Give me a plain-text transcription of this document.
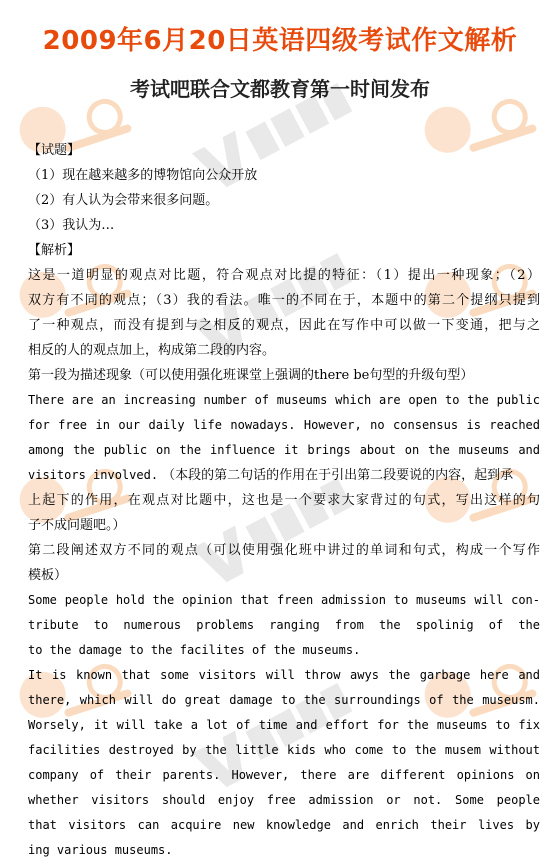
2009年6月20日英语四级考试作文解析
考试吧联合文都教育第一时间发布
【试题】
（1）现在越来越多的博物馆向公众开放
（2）有人认为会带来很多问题。
（3）我认为…
【解析】
这是一道明显的观点对比题，符合观点对比提的特征：（1）提出一种现象；（2）
双方有不同的观点；（3）我的看法。唯一的不同在于，本题中的第二个提纲只提到
了一种观点，而没有提到与之相反的观点，因此在写作中可以做一下变通，把与之
相反的人的观点加上，构成第二段的内容。
第一段为描述现象（可以使用强化班课堂上强调的there be句型的升级句型）
There are an increasing number of museums which are open to the public
for free in our daily life nowadays. However, no consensus is reached
among the public on the influence it brings about on the museums and
visitors involved. （本段的第二句话的作用在于引出第二段要说的内容，起到承
上起下的作用，在观点对比题中，这也是一个要求大家背过的句式，写出这样的句
子不成问题吧。）
第二段阐述双方不同的观点（可以使用强化班中讲过的单词和句式，构成一个写作
模板）
Some people hold the opinion that freen admission to museums will con-
tribute to numerous problems ranging from the spolinig of the
to the damage to the facilites of the museums.
It is known that some visitors will throw awys the garbage here and
there, which will do great damage to the surroundings of the museusm.
Worsely, it will take a lot of time and effort for the museums to fix
facilities destroyed by the little kids who come to the musem without
company of their parents. However, there are different opinions on
whether visitors should enjoy free admission or not. Some people
that visitors can acquire new knowledge and enrich their lives by
ing various museums.
